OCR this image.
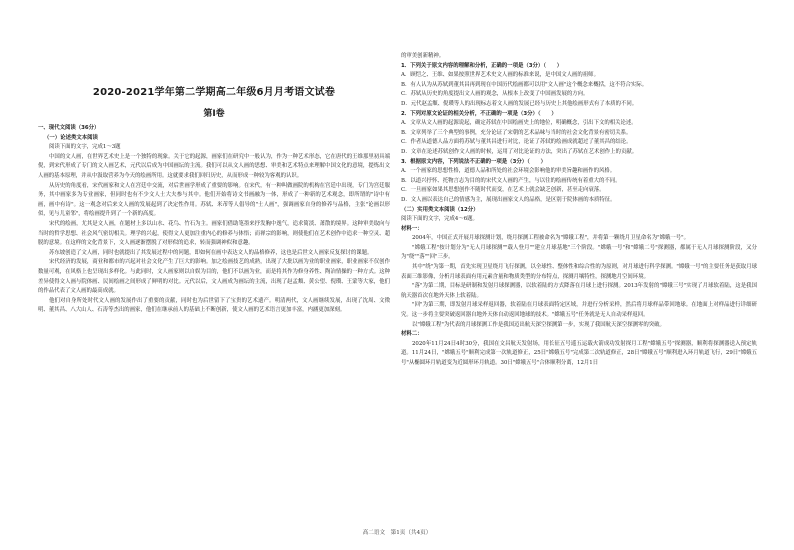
2020-2021学年第二学期高二年级6月月考语文试卷
第Ⅰ卷

一、现代文阅读（36分）

（一）论述类文本阅读

阅读下面的文字，完成1～3题

中国的文人画，在世界艺术史上是一个独特的现象。关于它的起源，画家们在研究中一般认为，作为一种艺术形态，它在唐代的王维那里初具端倪，到宋代形成了专门的文人画艺术，元代以后成为中国画坛的主流。我们可以从文人画的思想、审美和艺术特点来理解中国文化的意境，提炼出文人画的基本原理，并从中汲取营养为今天的绘画所用。这就要求我们回归历史，从而形成一种较为客观的认识。

从历史的角度看，宋代画家和文人在宫廷中交流，对后世画学形成了重要的影响。在宋代，有一种叫做画院的机构在宫廷中出现，专门为宫廷服务，其中画家多为专业画家，但同时也有不少文人士大夫参与其中。他们开始将诗文书画融为一体，形成了一种新的艺术观念，即所谓的"诗中有画，画中有诗"。这一观念对后来文人画的发展起到了决定性作用。苏轼、米芾等人倡导的"士人画"，强调画家自身的修养与品格，主张"论画以形似，见与儿童邻"，将绘画提升到了一个新的高度。

宋代的绘画，尤其是文人画，在题材上多以山水、花鸟、竹石为主。画家们借助笔墨来抒发胸中逸气，追求简淡、萧散的境界。这种审美取向与当时的哲学思想、社会风气密切相关。理学的兴起，使得文人更加注重内心的修养与体悟；而禅宗的影响，则使他们在艺术创作中追求一种空灵、超脱的意境。在这样的文化背景下，文人画逐渐摆脱了对形似的追求，转而强调神似和意趣。

苏东坡创造了文人画，同时也就提出了其发展过程中的问题，即如何在画中表达文人的品格修养，这也是后世文人画家反复探讨的课题。

宋代经济的发展，商业和都市的兴起对社会文化产生了巨大的影响。加之绘画技艺的成熟，出现了大批以画为业的职业画家，职业画家不仅创作数量可观，在风格上也呈现出多样化。与此同时，文人画家则以自娱为目的，他们不以画为业，而是将其作为修身养性、陶冶情操的一种方式。这种差异使得文人画与院体画、民间绘画之间形成了鲜明的对比。元代以后，文人画成为画坛的主流，出现了赵孟頫、黄公望、倪瓒、王蒙等大家，他们的作品代表了文人画的最高成就。

他们对自身所处时代文人画的发展作出了重要的贡献，同时也为后世留下了宝贵的艺术遗产。明清两代，文人画继续发展，出现了沈周、文徵明、董其昌、八大山人、石涛等杰出的画家，他们在继承前人的基础上不断创新，使文人画的艺术语言更加丰富，内涵更加深刻。

的审美创新精神。

1．下列关于原文内容的理解和分析，正确的一项是（3分）（　　）

A．顾恺之、王维、如果按照世界艺术史文人画的标准来说，是中国文人画的祖师。

B．有人认为从苏轼到董其昌再到现在中国历代绘画都可以用"文人画"这个概念来概括，这不符合实际。

C．苏轼从历史的角度提出文人画的观念，从根本上改变了中国画发展的方向。

D．元代赵孟頫、倪瓒等人的出现标志着文人画的发展已经与历史上其他绘画形式有了本质的不同。

2．下列对原文论证的相关分析，不正确的一项是（3分）（　　）

A．文章从文人画的起源说起，确定苏轼在中国绘画史上的地位，明确概念，引出下文的相关论述。

B．文章列举了三个典型的事例，充分论证了宋朝的艺术品味与当时的社会文化背景有密切关系。

C．作者从道德人品方面将苏轼与董其昌进行对比，论证了苏轼的绘画成就超过了董其昌的结论。

D．文章在论述苏轼创作文人画的时候，运用了对比论证的方法，突出了苏轼在艺术创作上的贡献。

3．根据原文内容，下列说法不正确的一项是（3分）（　　）

A．一个画家的思想性格，道德人品和所处的社会环境会影响他的审美旨趣和画作的风格。

B．以道兴抒怀、托物言志为目的的宋代文人画的产生，与以往的绘画传统有着重大的不同。

C．一旦画家如果其思想创作不随时代而变，在艺术上就会缺乏创新，甚至走向衰落。

D．文人画以表达自己的情感为主，展现出画家文人的品格，是区别于院体画的本质特征。

（二）实用类文本阅读（12分）

阅读下面的文字，完成4～6题。

材料一：

2004年，中国正式开展月球探测计划，绕月探测工程被命名为"嫦娥工程"，并将第一颗绕月卫星命名为"嫦娥一号"。

"嫦娥工程"按计划分为"无人月球探测""载人登月""建立月球基地"三个阶段。"嫦娥一号"和"嫦娥二号"探测器，都属于无人月球探测阶段，又分为"绕""落""回"三步。

其中"绕"为第一期，首先实现卫星绕月飞行探测，以全球性、整体性和综合性的为原则，对月球进行科学探测。"嫦娥一号"的主要任务是获取月球表面三维影像，分析月球表面有用元素含量和物质类型的分布特点，探测月壤特性，探测地月空间环境。

"落"为第二期，目标是研制和发射月球探测器，以软着陆的方式降落在月球上进行探测。2013年发射的"嫦娥三号"实现了月球软着陆，这是我国航天器首次在地外天体上软着陆。

"回"为第三期，即发射月球采样返回器，软着陆在月球表面特定区域，并进行分析采样，然后将月球样品带回地球。在地面上对样品进行详细研究。这一步将主要突破返回器自地外天体自动返回地球的技术。"嫦娥五号"任务就是无人自动采样返回。

以"嫦娥工程"为代表的月球探测工作是我国迈出航天深空探测第一步，实现了我国航天深空探测零的突破。

材料二：

2020年11月24日4时30分，我国在文昌航天发射场，用长征五号遥五运载火箭成功发射探月工程"嫦娥五号"探测器，顺利将探测器送入预定轨道。11月24日，"嫦娥五号"顺利完成第一次轨道修正，25日"嫦娥五号"完成第二次轨道修正，28日"嫦娥五号"顺利进入环月轨道飞行，29日"嫦娥五号"从椭圆环月轨道变为近圆形环月轨道。30日"嫦娥五号"合体顺利分离，12月1日

高二语文　第1页（共4页）
